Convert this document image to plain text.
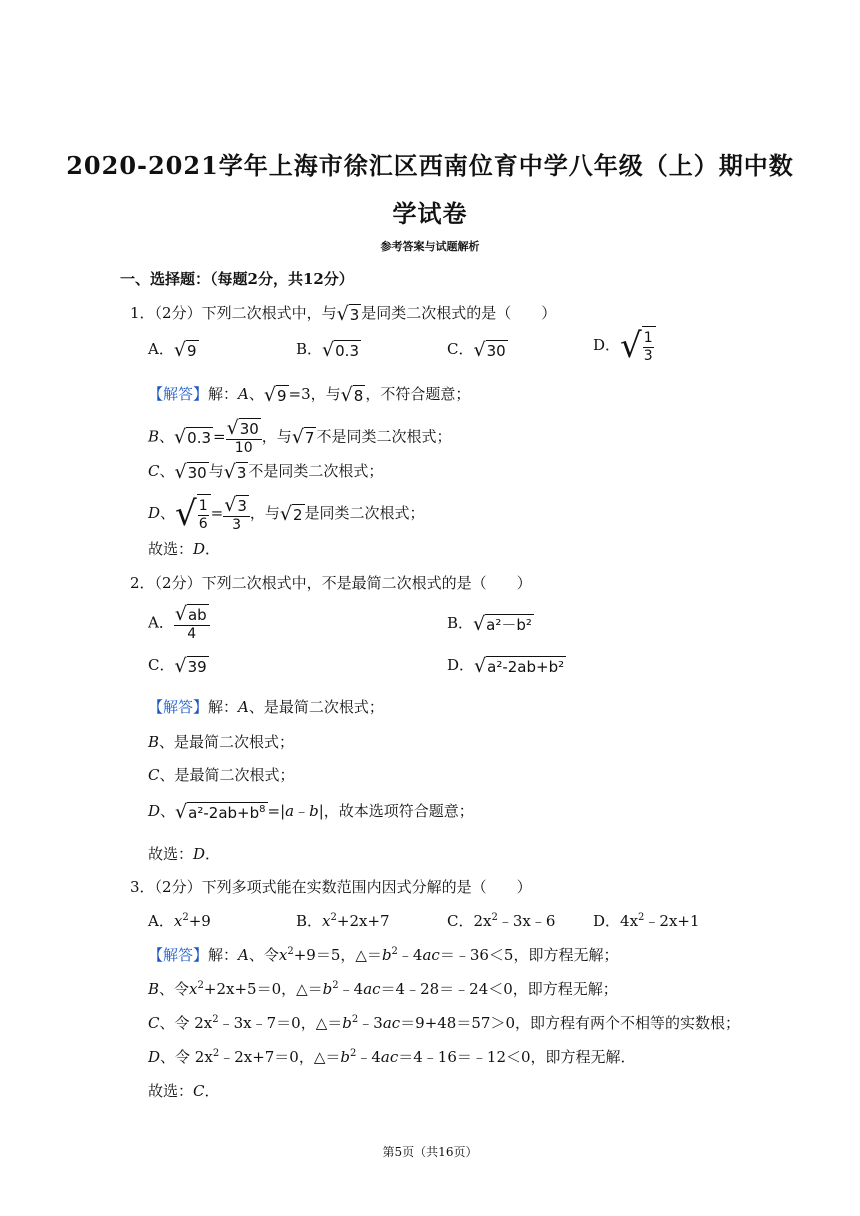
2020-2021学年上海市徐汇区西南位育中学八年级（上）期中数
学试卷
参考答案与试题解析
一、选择题：（每题2分，共12分）
1．（2分）下列二次根式中，与 √ 3 是同类二次根式的是（　　）
A． √ 9	B． √ 0.3	C． √ 30	D． √ $\frac{1}{3}$
【解答】解：A、 √ 9 =3，与 √ 8 ，不符合题意；
B、 √ $0.3 = \frac{√ 30}{10}$ ，与 √ 7 不是同类二次根式；
C、 √ 30 与 √ 3 不是同类二次根式；
D、 √ $\frac{1}{6} = \frac{√ 3}{3}$ ，与 √ 2 是同类二次根式；
故选：D．
2．（2分）下列二次根式中，不是最简二次根式的是（　　）
A． $\frac{√ ab}{4}$	B． √ a²－b²
C． √ 39	D． √ a²-2ab+b²
【解答】解：A、是最简二次根式；
B、是最简二次根式；
C、是最简二次根式；
D、 √ $a^2-2ab+b^8$ =|a﹣b|，故本选项符合题意；
故选：D．
3．（2分）下列多项式能在实数范围内因式分解的是（　　）
A．$x^2+9$	B．$x^2+2x+7$	C．$2x^2﹣3x﹣6$	D．$4x^2﹣2x+1$
【解答】解：A、令$x^2+9=5$，$\triangle=b^2﹣4ac=﹣36<5$，即方程无解；
B、令$x^2+2x+5=0$，$\triangle=b^2﹣4ac=4﹣28=﹣24<0$，即方程无解；
C、令 $2x^2﹣3x﹣7=0$，$\triangle=b^2﹣3ac=9+48=57>0$，即方程有两个不相等的实数根；
D、令 $2x^2﹣2x+7=0$，$\triangle=b^2﹣4ac=4﹣16=﹣12<0$，即方程无解．
故选：C．
第5页（共16页）
